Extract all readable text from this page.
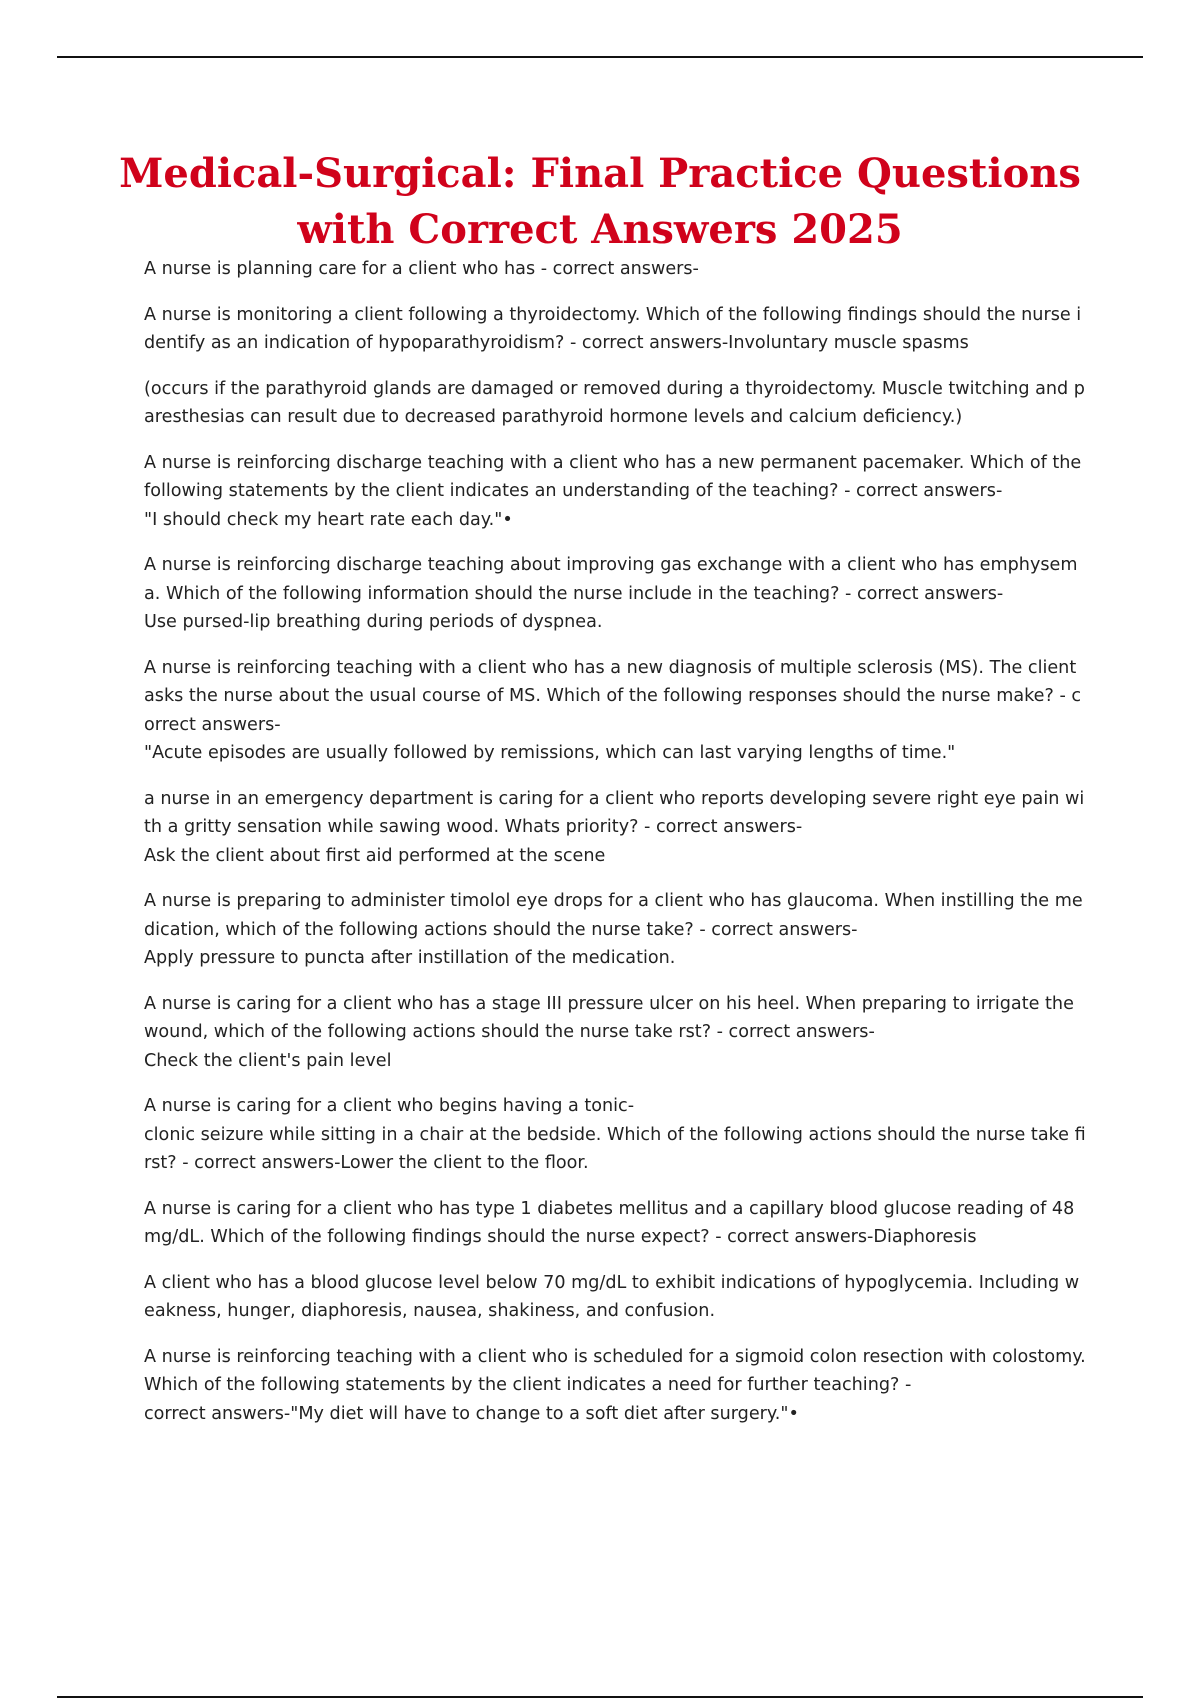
Medical-Surgical: Final Practice Questions
with Correct Answers 2025

A nurse is planning care for a client who has - correct answers-

A nurse is monitoring a client following a thyroidectomy. Which of the following findings should the nurse identify as an indication of hypoparathyroidism? - correct answers-Involuntary muscle spasms

(occurs if the parathyroid glands are damaged or removed during a thyroidectomy. Muscle twitching and paresthesias can result due to decreased parathyroid hormone levels and calcium deficiency.)

A nurse is reinforcing discharge teaching with a client who has a new permanent pacemaker. Which of the following statements by the client indicates an understanding of the teaching? - correct answers-
"I should check my heart rate each day."•

A nurse is reinforcing discharge teaching about improving gas exchange with a client who has emphysema. Which of the following information should the nurse include in the teaching? - correct answers-
Use pursed-lip breathing during periods of dyspnea.

A nurse is reinforcing teaching with a client who has a new diagnosis of multiple sclerosis (MS). The client asks the nurse about the usual course of MS. Which of the following responses should the nurse make? - correct answers-
"Acute episodes are usually followed by remissions, which can last varying lengths of time."

a nurse in an emergency department is caring for a client who reports developing severe right eye pain with a gritty sensation while sawing wood. Whats priority? - correct answers-
Ask the client about first aid performed at the scene

A nurse is preparing to administer timolol eye drops for a client who has glaucoma. When instilling the medication, which of the following actions should the nurse take? - correct answers-
Apply pressure to puncta after instillation of the medication.

A nurse is caring for a client who has a stage III pressure ulcer on his heel. When preparing to irrigate the wound, which of the following actions should the nurse take rst? - correct answers-
Check the client's pain level

A nurse is caring for a client who begins having a tonic-
clonic seizure while sitting in a chair at the bedside. Which of the following actions should the nurse take first? - correct answers-Lower the client to the floor.

A nurse is caring for a client who has type 1 diabetes mellitus and a capillary blood glucose reading of 48 mg/dL. Which of the following findings should the nurse expect? - correct answers-Diaphoresis

A client who has a blood glucose level below 70 mg/dL to exhibit indications of hypoglycemia. Including weakness, hunger, diaphoresis, nausea, shakiness, and confusion.

A nurse is reinforcing teaching with a client who is scheduled for a sigmoid colon resection with colostomy. Which of the following statements by the client indicates a need for further teaching? -
correct answers-"My diet will have to change to a soft diet after surgery."•
